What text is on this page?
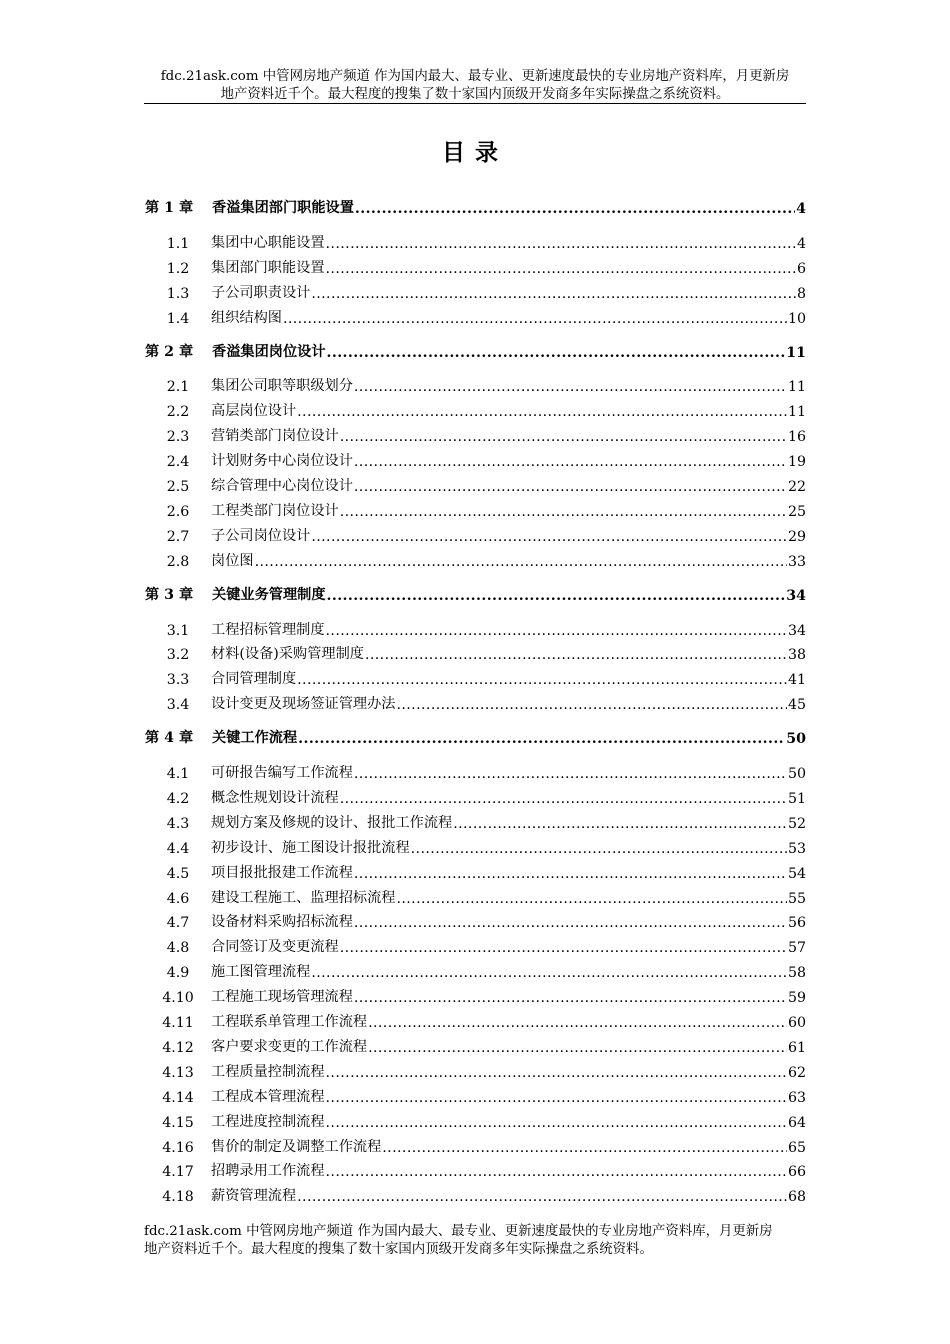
fdc.21ask.com 中管网房地产频道 作为国内最大、最专业、更新速度最快的专业房地产资料库，月更新房
地产资料近千个。最大程度的搜集了数十家国内顶级开发商多年实际操盘之系统资料。
目录
第 1 章	香溢集团部门职能设置 .....	4
1.1	集团中心职能设置 .....	4
1.2	集团部门职能设置 .....	6
1.3	子公司职责设计 .....	8
1.4	组织结构图 .....	10
第 2 章	香溢集团岗位设计 .....	11
2.1	集团公司职等职级划分 .....	11
2.2	高层岗位设计 .....	11
2.3	营销类部门岗位设计 .....	16
2.4	计划财务中心岗位设计 .....	19
2.5	综合管理中心岗位设计 .....	22
2.6	工程类部门岗位设计 .....	25
2.7	子公司岗位设计 .....	29
2.8	岗位图 .....	33
第 3 章	关键业务管理制度 .....	34
3.1	工程招标管理制度 .....	34
3.2	材料(设备)采购管理制度 .....	38
3.3	合同管理制度 .....	41
3.4	设计变更及现场签证管理办法 .....	45
第 4 章	关键工作流程 .....	50
4.1	可研报告编写工作流程 .....	50
4.2	概念性规划设计流程 .....	51
4.3	规划方案及修规的设计、报批工作流程 .....	52
4.4	初步设计、施工图设计报批流程 .....	53
4.5	项目报批报建工作流程 .....	54
4.6	建设工程施工、监理招标流程 .....	55
4.7	设备材料采购招标流程 .....	56
4.8	合同签订及变更流程 .....	57
4.9	施工图管理流程 .....	58
4.10	工程施工现场管理流程 .....	59
4.11	工程联系单管理工作流程 .....	60
4.12	客户要求变更的工作流程 .....	61
4.13	工程质量控制流程 .....	62
4.14	工程成本管理流程 .....	63
4.15	工程进度控制流程 .....	64
4.16	售价的制定及调整工作流程 .....	65
4.17	招聘录用工作流程 .....	66
4.18	薪资管理流程 .....	68
fdc.21ask.com 中管网房地产频道 作为国内最大、最专业、更新速度最快的专业房地产资料库，月更新房
地产资料近千个。最大程度的搜集了数十家国内顶级开发商多年实际操盘之系统资料。
